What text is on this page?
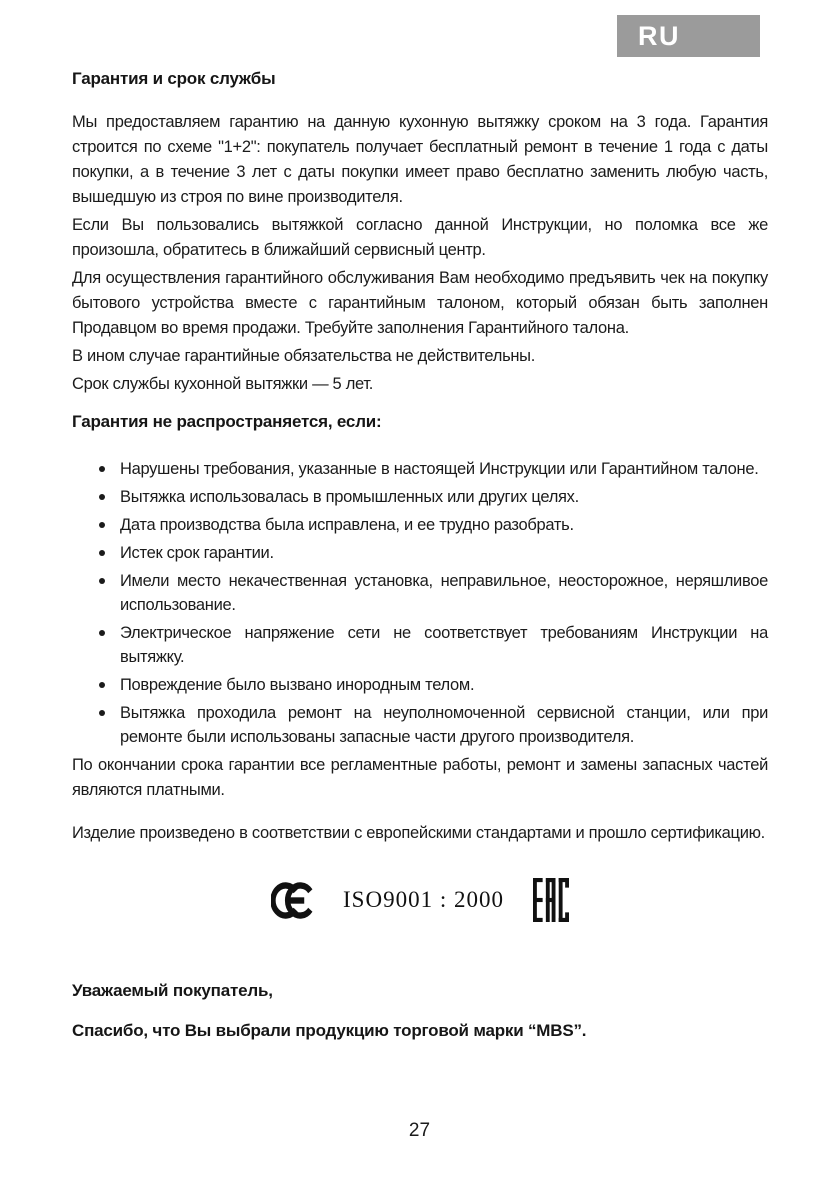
RU
Гарантия и срок службы

Мы предоставляем гарантию на данную кухонную вытяжку сроком на 3 года. Гарантия строится по схеме "1+2": покупатель получает бесплатный ремонт в течение 1 года с даты покупки, а в течение 3 лет с даты покупки имеет право бесплатно заменить любую часть, вышедшую из строя по вине производителя.

Если Вы пользовались вытяжкой согласно данной Инструкции, но поломка все же произошла, обратитесь в ближайший сервисный центр.

Для осуществления гарантийного обслуживания Вам необходимо предъявить чек на покупку бытового устройства вместе с гарантийным талоном, который обязан быть заполнен Продавцом во время продажи. Требуйте заполнения Гарантийного талона.

В ином случае гарантийные обязательства не действительны.

Срок службы кухонной вытяжки — 5 лет.

Гарантия не распространяется, если:
Нарушены требования, указанные в настоящей Инструкции или Гарантийном талоне.
Вытяжка использовалась в промышленных или других целях.
Дата производства была исправлена, и ее трудно разобрать.
Истек срок гарантии.
Имели место некачественная установка, неправильное, неосторожное, неряшливое использование.
Электрическое напряжение сети не соответствует требованиям Инструкции на вытяжку.
Повреждение было вызвано инородным телом.
Вытяжка проходила ремонт на неуполномоченной сервисной станции, или при ремонте были использованы запасные части другого производителя.

По окончании срока гарантии все регламентные работы, ремонт и замены запасных частей являются платными.

Изделие произведено в соответствии с европейскими стандартами и прошло сертификацию.

ISO9001 : 2000

Уважаемый покупатель,

Спасибо, что Вы выбрали продукцию торговой марки “MBS”.

27
